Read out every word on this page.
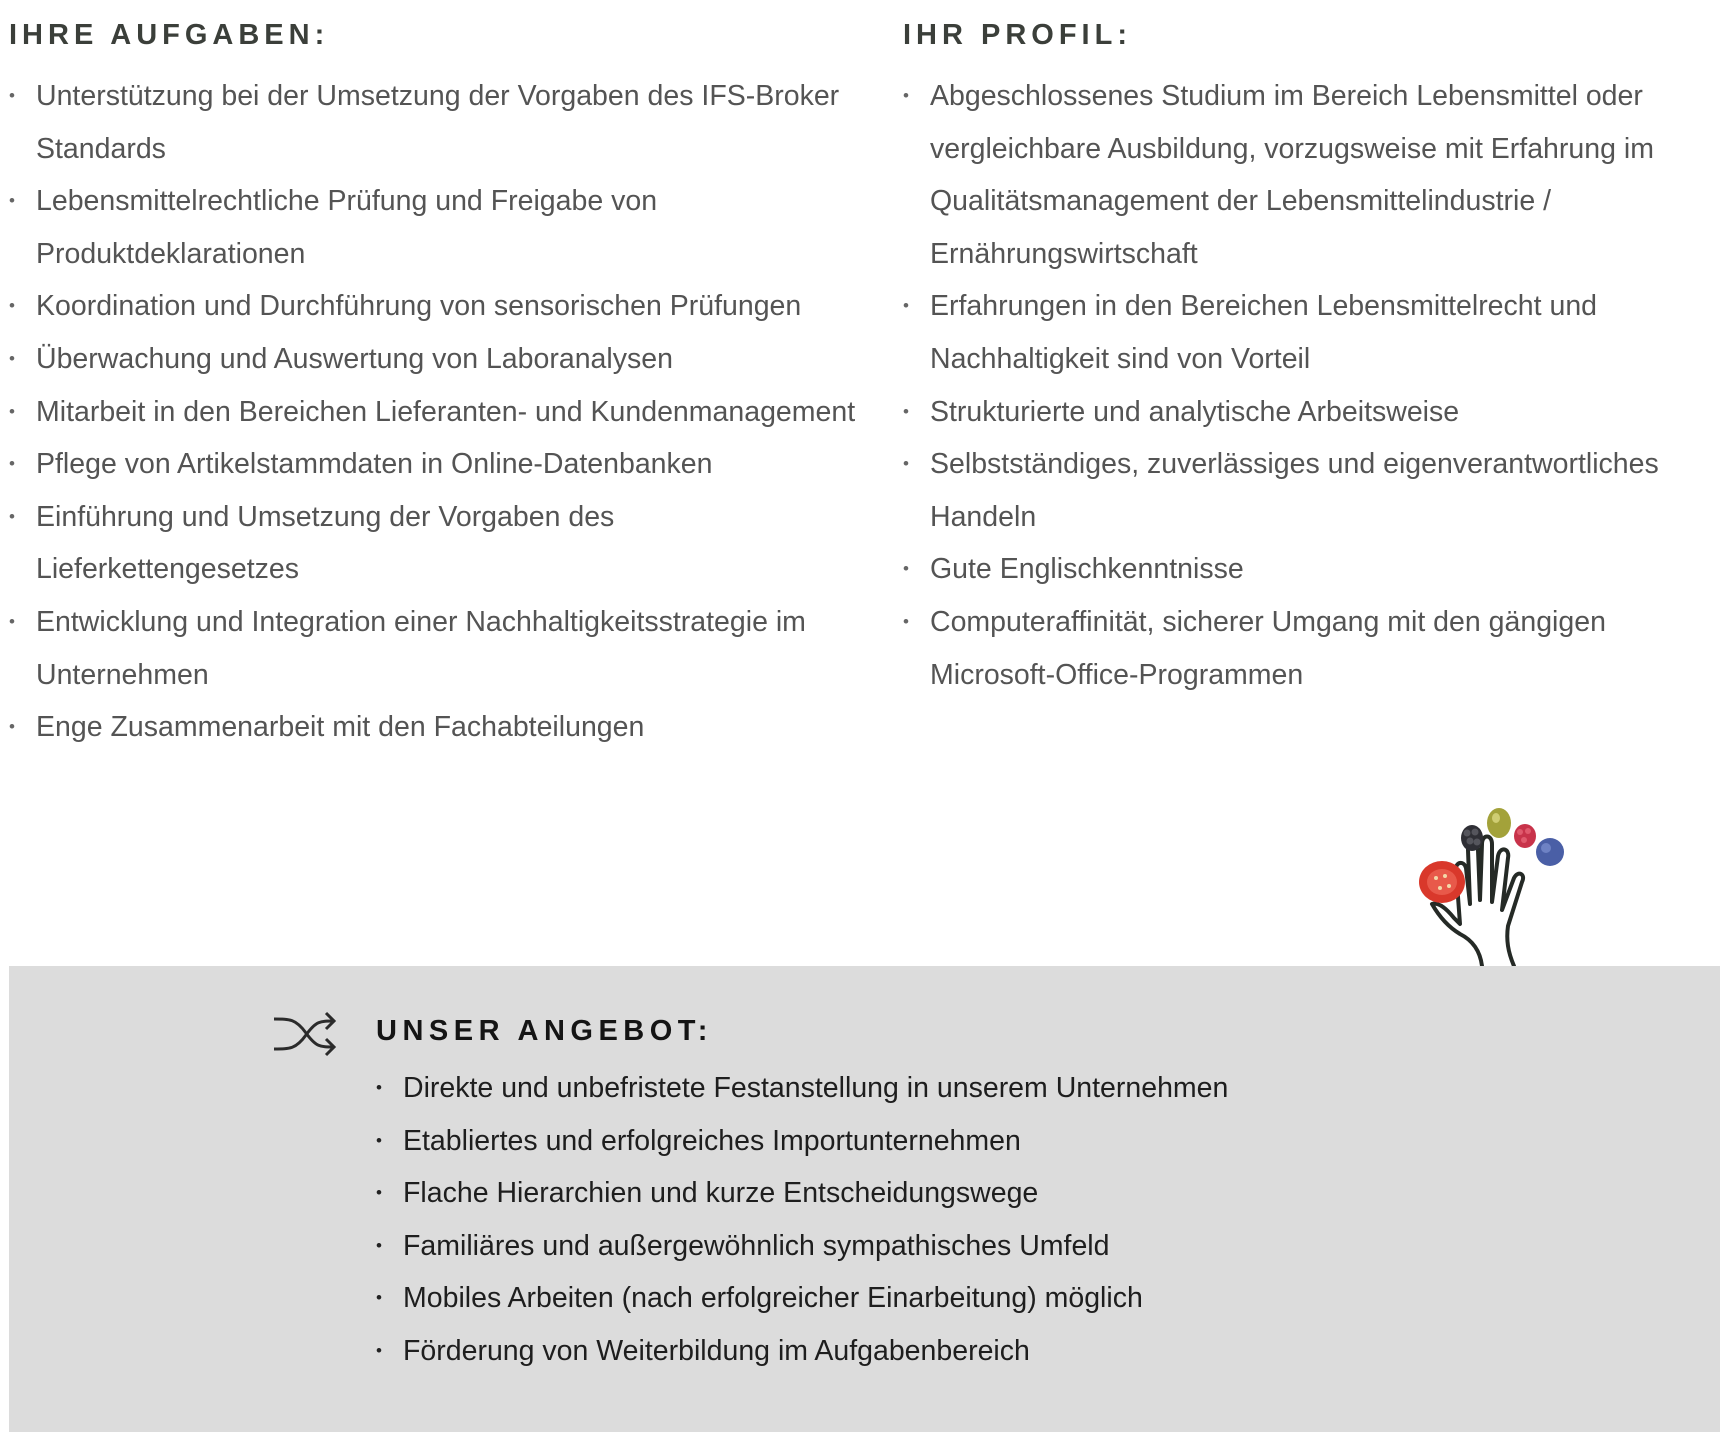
IHRE AUFGABEN:
• Unterstützung bei der Umsetzung der Vorgaben des IFS-Broker Standards
• Lebensmittelrechtliche Prüfung und Freigabe von Produktdeklarationen
• Koordination und Durchführung von sensorischen Prüfungen
• Überwachung und Auswertung von Laboranalysen
• Mitarbeit in den Bereichen Lieferanten- und Kundenmanagement
• Pflege von Artikelstammdaten in Online-Datenbanken
• Einführung und Umsetzung der Vorgaben des Lieferkettengesetzes
• Entwicklung und Integration einer Nachhaltigkeitsstrategie im Unternehmen
• Enge Zusammenarbeit mit den Fachabteilungen
IHR PROFIL:
• Abgeschlossenes Studium im Bereich Lebensmittel oder vergleichbare Ausbildung, vorzugsweise mit Erfahrung im Qualitätsmanagement der Lebensmittelindustrie / Ernährungswirtschaft
• Erfahrungen in den Bereichen Lebensmittelrecht und Nachhaltigkeit sind von Vorteil
• Strukturierte und analytische Arbeitsweise
• Selbstständiges, zuverlässiges und eigenverantwortliches Handeln
• Gute Englischkenntnisse
• Computeraffinität, sicherer Umgang mit den gängigen Microsoft-Office-Programmen
UNSER ANGEBOT:
• Direkte und unbefristete Festanstellung in unserem Unternehmen
• Etabliertes und erfolgreiches Importunternehmen
• Flache Hierarchien und kurze Entscheidungswege
• Familiäres und außergewöhnlich sympathisches Umfeld
• Mobiles Arbeiten (nach erfolgreicher Einarbeitung) möglich
• Förderung von Weiterbildung im Aufgabenbereich
